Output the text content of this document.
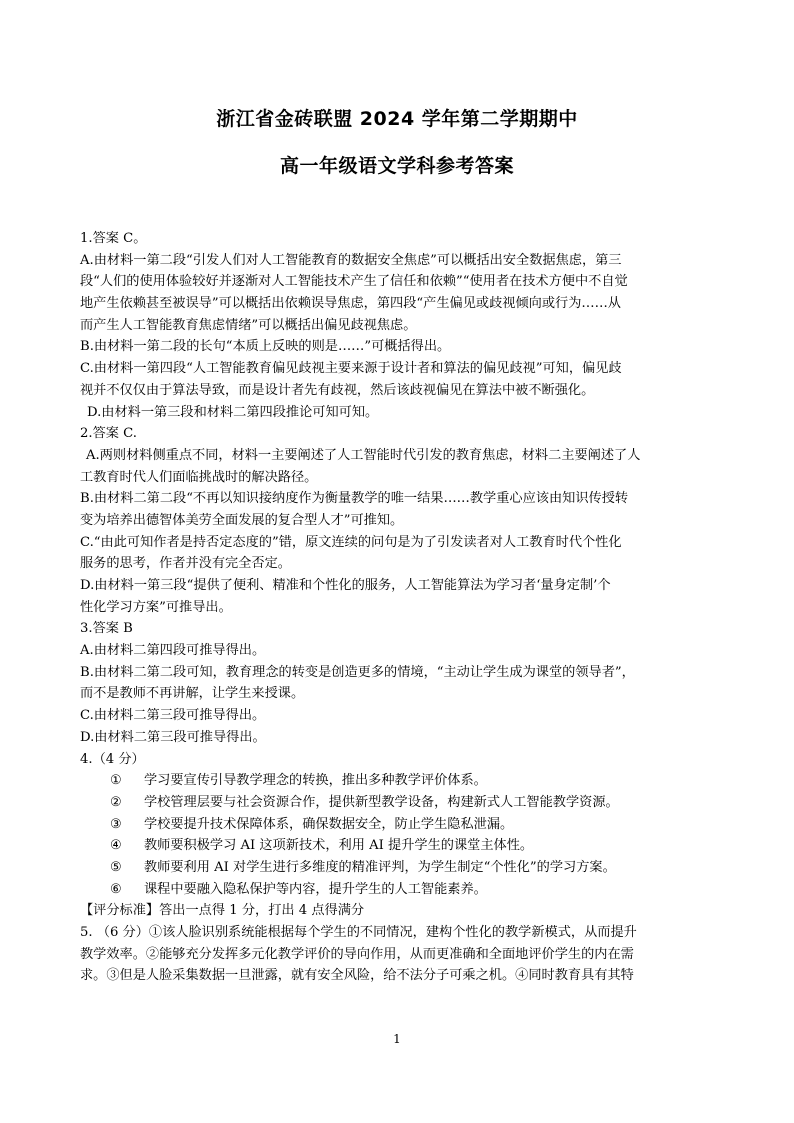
浙江省金砖联盟 2024 学年第二学期期中
高一年级语文学科参考答案
1.答案 C。
A.由材料一第二段“引发人们对人工智能教育的数据安全焦虑”可以概括出安全数据焦虑，第三
段“人们的使用体验较好并逐渐对人工智能技术产生了信任和依赖”“使用者在技术方便中不自觉
地产生依赖甚至被误导”可以概括出依赖误导焦虑，第四段“产生偏见或歧视倾向或行为……从
而产生人工智能教育焦虑情绪”可以概括出偏见歧视焦虑。
B.由材料一第二段的长句“本质上反映的则是……”可概括得出。
C.由材料一第四段“人工智能教育偏见歧视主要来源于设计者和算法的偏见歧视”可知，偏见歧
视并不仅仅由于算法导致，而是设计者先有歧视，然后该歧视偏见在算法中被不断强化。
D.由材料一第三段和材料二第四段推论可知可知。
2.答案 C.
A.两则材料侧重点不同，材料一主要阐述了人工智能时代引发的教育焦虑，材料二主要阐述了人
工教育时代人们面临挑战时的解决路径。
B.由材料二第二段“不再以知识接纳度作为衡量教学的唯一结果……教学重心应该由知识传授转
变为培养出德智体美劳全面发展的复合型人才”可推知。
C.“由此可知作者是持否定态度的”错，原文连续的问句是为了引发读者对人工教育时代个性化
服务的思考，作者并没有完全否定。
D.由材料一第三段“提供了便利、精准和个性化的服务，人工智能算法为学习者‘量身定制’个
性化学习方案”可推导出。
3.答案 B
A.由材料二第四段可推导得出。
B.由材料二第二段可知，教育理念的转变是创造更多的情境，“主动让学生成为课堂的领导者”，
而不是教师不再讲解，让学生来授课。
C.由材料二第三段可推导得出。
D.由材料二第三段可推导得出。
4.（4 分）
① 学习要宣传引导教学理念的转换，推出多种教学评价体系。
② 学校管理层要与社会资源合作，提供新型教学设备，构建新式人工智能教学资源。
③ 学校要提升技术保障体系，确保数据安全，防止学生隐私泄漏。
④ 教师要积极学习 AI 这项新技术，利用 AI 提升学生的课堂主体性。
⑤ 教师要利用 AI 对学生进行多维度的精准评判，为学生制定“个性化”的学习方案。
⑥ 课程中要融入隐私保护等内容，提升学生的人工智能素养。
【评分标准】答出一点得 1 分，打出 4 点得满分
5. （6 分）①该人脸识别系统能根据每个学生的不同情况，建构个性化的教学新模式，从而提升
教学效率。②能够充分发挥多元化教学评价的导向作用，从而更准确和全面地评价学生的内在需
求。③但是人脸采集数据一旦泄露，就有安全风险，给不法分子可乘之机。④同时教育具有其特
1
